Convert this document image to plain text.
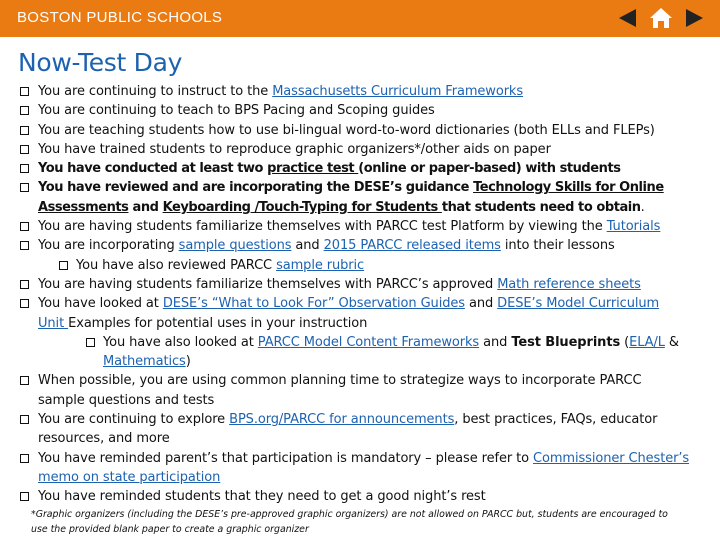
BOSTON PUBLIC SCHOOLS
Now-Test Day
You are continuing to instruct to the Massachusetts Curriculum Frameworks
You are continuing to teach to BPS Pacing and Scoping guides
You are teaching students how to use bi-lingual word-to-word dictionaries (both ELLs and FLEPs)
You have trained students to reproduce graphic organizers*/other aids on paper
You have conducted at least two practice test (online or paper-based) with students
You have reviewed and are incorporating the DESE’s guidance Technology Skills for Online
Assessments and Keyboarding /Touch-Typing for Students that students need to obtain.
You are having students familiarize themselves with PARCC test Platform by viewing the Tutorials
You are incorporating sample questions and 2015 PARCC released items into their lessons
You have also reviewed PARCC sample rubric
You are having students familiarize themselves with PARCC’s approved Math reference sheets
You have looked at DESE’s “What to Look For” Observation Guides and DESE’s Model Curriculum
Unit Examples for potential uses in your instruction
You have also looked at PARCC Model Content Frameworks and Test Blueprints (ELA/L &
Mathematics)
When possible, you are using common planning time to strategize ways to incorporate PARCC
sample questions and tests
You are continuing to explore BPS.org/PARCC for announcements, best practices, FAQs, educator
resources, and more
You have reminded parent’s that participation is mandatory – please refer to Commissioner Chester’s
memo on state participation
You have reminded students that they need to get a good night’s rest
*Graphic organizers (including the DESE’s pre-approved graphic organizers) are not allowed on PARCC but, students are encouraged to
use the provided blank paper to create a graphic organizer
